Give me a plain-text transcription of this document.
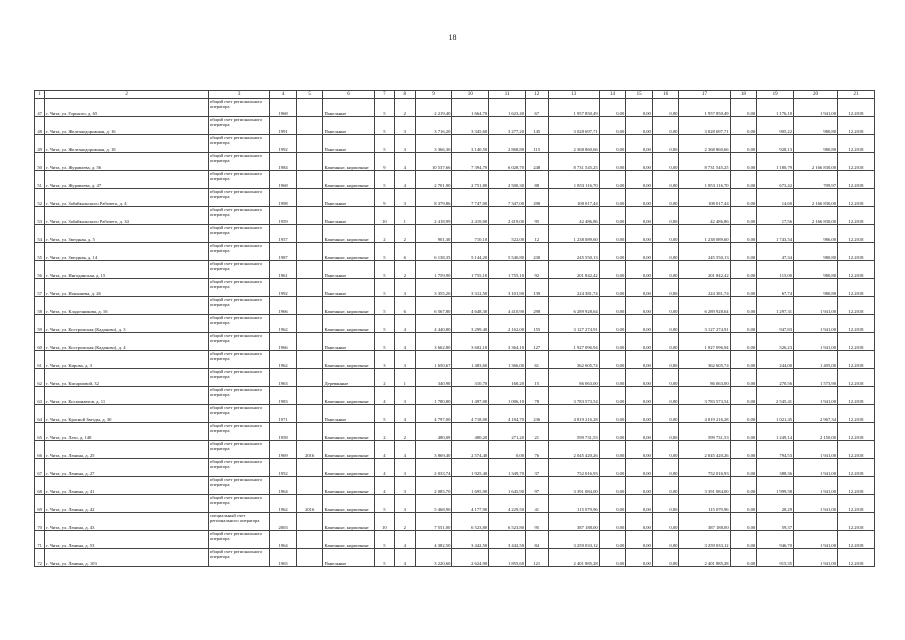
18
1	2	3	4	5	6	7	8	9	10	11	12	13	14	15	16	17	18	19	20	21
47	г. Чита, ул. Горького, д. 65	общий счет регионального оператора	1968		Панельные	5	2	2 219,40	1 664,70	1 623,40	67	1 957 850,49	0,00	0,00	0,00	1 957 850,49	0,00	1 176,10	1 941,00	12.2018
48	г. Чита, ул. Железнодорожная, д. 16	общий счет регионального оператора	1991		Панельные	5	3	3 716,20	3 345,60	3 277,20	145	3 028 697,71	0,00	0,00	0,00	3 028 697,71	0,00	905,22	980,80	12.2018
49	г. Чита, ул. Железнодорожная, д. 18	общий счет регионального оператора	1992		Панельные	5	3	3 366,30	3 140,50	2 868,80	115	2 368 860,66	0,00	0,00	0,00	2 368 860,66	0,00	928,13	980,80	12.2018
50	г. Чита, ул. Журавлева, д. 56	общий счет регионального оператора	1984		Каменные, кирпичные	9	4	10 537,66	7 394,70	6 028,70	248	8 731 545,25	0,00	0,00	0,00	8 731 545,25	0,00	1 180,79	2 166 830,00	12.2018
51	г. Чита, ул. Журавлева, д. 47	общий счет регионального оператора	1968		Каменные, кирпичные	5	4	2 701,90	2 751,80	2 500,30	88	1 853 116,70	0,00	0,00	0,00	1 853 116,70	0,00	673,42	709,97	12.2018
52	г. Чита, ул. Забайкальского Рабочего, д. 4	общий счет регионального оператора	1998		Панельные	9	3	8 379,86	7 747,00	7 347,00	298	108 017,44	0,00	0,00	0,00	108 017,44	0,00	14,60	2 166 830,00	12.2018
53	г. Чита, ул. Забайкальского Рабочего, д. 34	общий счет регионального оператора	1959		Панельные	10	1	2 418,99	2 419,00	2 419,00	95	42 486,86	0,00	0,00	0,00	42 486,86	0,00	17,56	2 166 830,00	12.2018
54	г. Чита, ул. Звездная, д. 5	общий счет регионального оператора	1957		Каменные, кирпичные	2	2	901,30	710,10	522,00	12	1 238 089,60	0,00	0,00	0,00	1 238 089,60	0,00	1 743,54	986,00	12.2018
55	г. Чита, ул. Звездная, д. 14	общий счет регионального оператора	1987		Каменные, кирпичные	5	6	6 138,35	5 144,20	5 540,80	230	245 550,13	0,00	0,00	0,00	245 550,13	0,00	47,34	980,80	12.2018
56	г. Чита, ул. Ингодинская, д. 15	общий счет регионального оператора	1961		Панельные	5	2	1 759,90	1 755,10	1 755,10	92	201 842,42	0,00	0,00	0,00	201 842,42	0,00	115,00	980,80	12.2018
57	г. Чита, ул. Ионышева, д. 26	общий счет регионального оператора	1992		Панельные	5	3	3 355,20	3 312,50	3 101,90	139	224 381,74	0,00	0,00	0,00	224 381,74	0,00	67,74	980,80	12.2018
58	г. Чита, ул. Кладочникова, д. 16	общий счет регионального оператора	1966		Каменные, кирпичные	5	6	6 567,80	4 648,30	4 410,90	298	6 289 928,64	0,00	0,00	0,00	6 289 928,64	0,00	1 297,31	1 941,00	12.2018
59	г. Чита, ул. Костромская (Каданово), д. 3	общий счет регионального оператора	1962		Каменные, кирпичные	5	4	4 440,80	3 299,40	2 162,00	155	3 127 274,91	0,00	0,00	0,00	3 127 274,91	0,00	947,83	1 941,00	12.2018
60	г. Чита, ул. Костромская (Каданово), д. 4	общий счет регионального оператора	1966		Панельные	5	4	3 662,80	3 602,10	3 364,10	127	1 927 096,94	0,00	0,00	0,00	1 927 096,94	0,00	526,23	1 941,00	12.2018
61	г. Чита, ул. Кирова, д. 3	общий счет регионального оператора	1962		Каменные, кирпичные	3	3	1 650,67	1 483,60	1 366,00	61	362 605,74	0,00	0,00	0,00	362 605,74	0,00	244,00	1 405,00	12.2018
62	г. Чита, ул. Кисариовой, 32	общий счет регионального оператора	1963		Деревянные	2	1	340,90	310,70	160,20	15	86 063,00	0,00	0,00	0,00	86 063,00	0,00	270,56	1 573,90	12.2018
63	г. Чита, ул. Космонавтов, д. 11	общий счет регионального оператора	1983		Каменные, кирпичные	4	3	1 780,80	1 497,00	1 006,10	78	3 783 573,54	0,00	0,00	0,00	3 783 573,54	0,00	2 545,41	1 941,00	12.2018
64	г. Чита, ул. Красной Звезды, д. 30	общий счет регионального оператора	1971		Панельные	5	4	4 797,00	4 718,00	4 184,70	236	4 819 216,28	0,00	0,00	0,00	4 819 216,28	0,00	1 021,45	2 967,34	12.2018
65	г. Чита, ул. Лазо, д. 148	общий счет регионального оператора	1958		Каменные, кирпичные	2	2	480,09	480,20	271,20	21	599 731,53	0,00	0,00	0,00	599 731,53	0,00	1 249,14	2 150,00	12.2018
66	г. Чита, ул. Ленина, д. 25	общий счет регионального оператора	1969	2016	Каменные, кирпичные	4	4	3 869,40	2 574,40	0,00	76	2 045 420,26	0,00	0,00	0,00	2 045 420,26	0,00	794,53	1 941,00	12.2018
67	г. Чита, ул. Ленина, д. 27	общий счет регионального оператора	1952		Каменные, кирпичные	4	3	2 033,74	1 925,40	1 349,70	37	752 016,93	0,00	0,00	0,00	752 016,93	0,00	388,36	1 941,00	12.2018
68	г. Чита, ул. Ленина, д. 41	общий счет регионального оператора	1964		Каменные, кирпичные	4	3	2 085,70	1 695,90	1 645,90	97	3 391 084,00	0,00	0,00	0,00	3 391 084,00	0,00	1 999,58	1 941,00	12.2018
69	г. Чита, ул. Ленина, д. 42	общий счет регионального оператора	1962	2016	Каменные, кирпичные	5	3	5 468,90	4 177,90	4 229,50	41	115 079,96	0,00	0,00	0,00	115 079,96	0,00	28,29	1 941,00	12.2018
70	г. Чита, ул. Ленина, д. 43	специальный счет регионального оператора	2003		Каменные, кирпичные	10	2	7 551,00	6 523,80	6 523,80	95	387 188,00	0,00	0,00	0,00	387 188,00	0,00	59,37		12.2018
71	г. Чита, ул. Ленина, д. 53	общий счет регионального оператора	1964		Каменные, кирпичные	5	4	4 382,50	3 442,50	3 442,50	84	3 259 033,12	0,00	0,00	0,00	3 259 033,12	0,00	946,70	1 941,00	12.2018
72	г. Чита, ул. Ленина, д. 103	общий счет регионального оператора	1965		Панельные	5	4	3 220,60	2 624,90	1 855,60	121	2 401 885,28	0,00	0,00	0,00	2 401 885,28	0,00	915,35	1 941,00	12.2018
